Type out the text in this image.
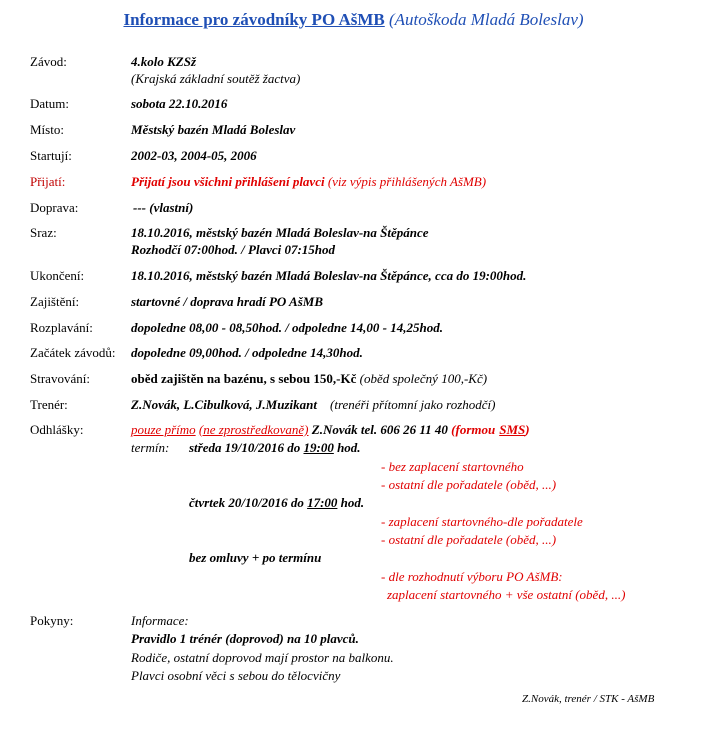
Informace pro závodníky PO AšMB (Autoškoda Mladá Boleslav)
Závod:	4.kolo KZSž
(Krajská základní soutěž žactva)
Datum:	sobota 22.10.2016
Místo:	Městský bazén Mladá Boleslav
Startují:	2002-03, 2004-05, 2006
Přijatí:	Přijatí jsou všichni přihlášení plavci (viz výpis přihlášených AšMB)
Doprava:	--- (vlastní)
Sraz:	18.10.2016, městský bazén Mladá Boleslav-na Štěpánce
Rozhodčí 07:00hod. / Plavci 07:15hod
Ukončení:	18.10.2016, městský bazén Mladá Boleslav-na Štěpánce, cca do 19:00hod.
Zajištění:	startovné / doprava hradí PO AšMB
Rozplavání:	dopoledne 08,00 - 08,50hod. / odpoledne 14,00 - 14,25hod.
Začátek závodů: dopoledne 09,00hod. / odpoledne 14,30hod.
Stravování:	oběd zajištěn na bazénu, s sebou 150,-Kč (oběd společný 100,-Kč)
Trenér:	Z.Novák, L.Cibulková, J.Muzikant (trenéři přítomní jako rozhodčí)
Odhlášky:	pouze přímo (ne zprostředkovaně) Z.Novák tel. 606 26 11 40 (formou SMS)
termín: středa 19/10/2016 do 19:00 hod.
- bez zaplacení startovného
- ostatní dle pořadatele (oběd, ...)
čtvrtek 20/10/2016 do 17:00 hod.
- zaplacení startovného-dle pořadatele
- ostatní dle pořadatele (oběd, ...)
bez omluvy + po termínu
- dle rozhodnutí výboru PO AšMB:
zaplacení startovného + vše ostatní (oběd, ...)
Pokyny:	Informace:
Pravidlo 1 trénér (doprovod) na 10 plavců.
Rodiče, ostatní doprovod mají prostor na balkonu.
Plavci osobní věci s sebou do tělocvičny
Z.Novák, trenér / STK - AšMB
